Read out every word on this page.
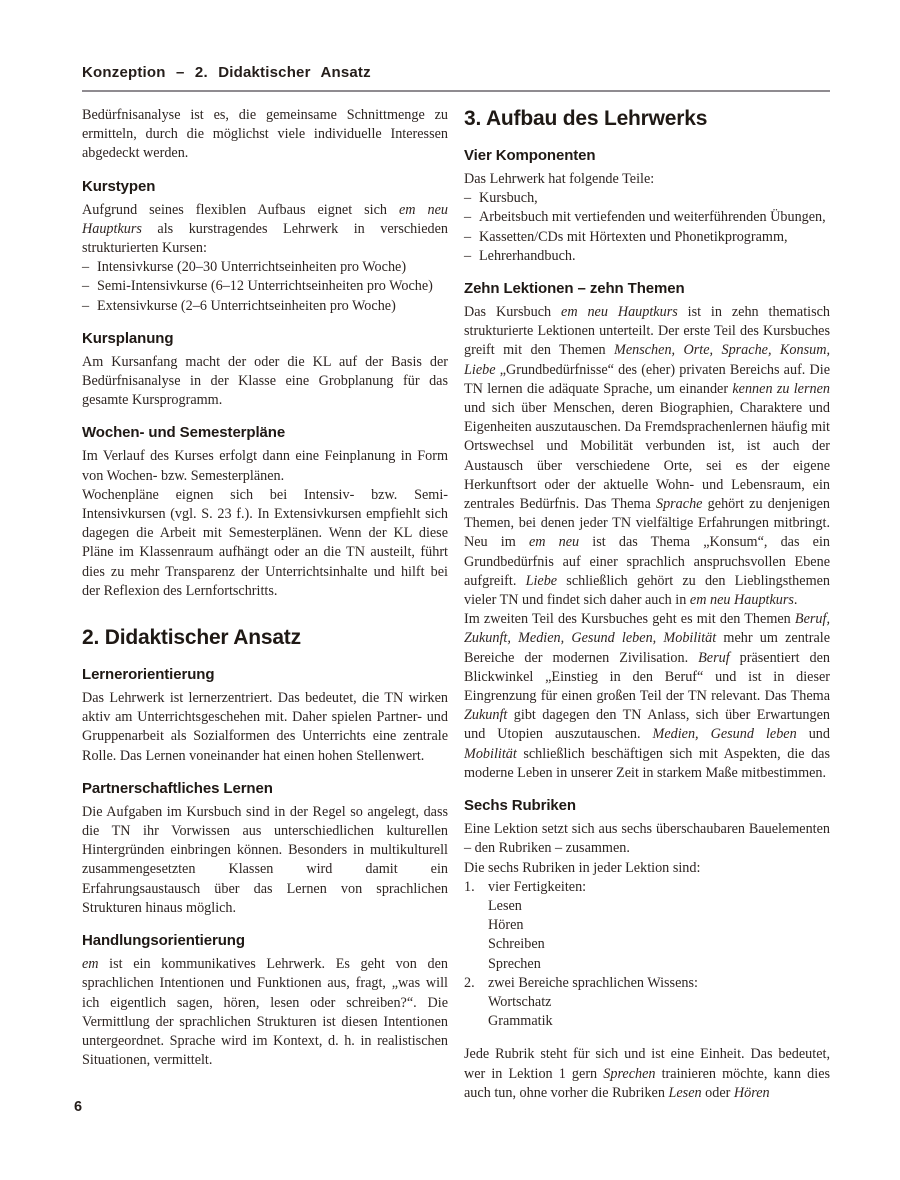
Konzeption – 2. Didaktischer Ansatz

Bedürfnisanalyse ist es, die gemeinsame Schnittmenge zu ermitteln, durch die möglichst viele individuelle Interessen abgedeckt werden.

Kurstypen

Aufgrund seines flexiblen Aufbaus eignet sich em neu Hauptkurs als kurstragendes Lehrwerk in verschieden strukturierten Kursen:

– Intensivkurse (20–30 Unterrichtseinheiten pro Woche)
– Semi-Intensivkurse (6–12 Unterrichtseinheiten pro Woche)
– Extensivkurse (2–6 Unterrichtseinheiten pro Woche)
Kursplanung

Am Kursanfang macht der oder die KL auf der Basis der Bedürfnisanalyse in der Klasse eine Grobplanung für das gesamte Kursprogramm.

Wochen- und Semesterpläne

Im Verlauf des Kurses erfolgt dann eine Feinplanung in Form von Wochen- bzw. Semesterplänen.

Wochenpläne eignen sich bei Intensiv- bzw. Semi-Intensivkursen (vgl. S. 23 f.). In Extensivkursen empfiehlt sich dagegen die Arbeit mit Semesterplänen. Wenn der KL diese Pläne im Klassenraum aufhängt oder an die TN austeilt, führt dies zu mehr Transparenz der Unterrichtsinhalte und hilft bei der Reflexion des Lernfortschritts.

2. Didaktischer Ansatz
Lernerorientierung

Das Lehrwerk ist lernerzentriert. Das bedeutet, die TN wirken aktiv am Unterrichtsgeschehen mit. Daher spielen Partner- und Gruppenarbeit als Sozialformen des Unterrichts eine zentrale Rolle. Das Lernen voneinander hat einen hohen Stellenwert.

Partnerschaftliches Lernen

Die Aufgaben im Kursbuch sind in der Regel so angelegt, dass die TN ihr Vorwissen aus unterschiedlichen kulturellen Hintergründen einbringen können. Besonders in multikulturell zusammengesetzten Klassen wird damit ein Erfahrungsaustausch über das Lernen von sprachlichen Strukturen hinaus möglich.

Handlungsorientierung

em ist ein kommunikatives Lehrwerk. Es geht von den sprachlichen Intentionen und Funktionen aus, fragt, „was will ich eigentlich sagen, hören, lesen oder schreiben?“. Die Vermittlung der sprachlichen Strukturen ist diesen Intentionen untergeordnet. Sprache wird im Kontext, d. h. in realistischen Situationen, vermittelt.

3. Aufbau des Lehrwerks
Vier Komponenten

Das Lehrwerk hat folgende Teile:

– Kursbuch,
– Arbeitsbuch mit vertiefenden und weiterführenden Übungen,
– Kassetten/CDs mit Hörtexten und Phonetikprogramm,
– Lehrerhandbuch.
Zehn Lektionen – zehn Themen

Das Kursbuch em neu Hauptkurs ist in zehn thematisch strukturierte Lektionen unterteilt. Der erste Teil des Kursbuches greift mit den Themen Menschen, Orte, Sprache, Konsum, Liebe „Grundbedürfnisse“ des (eher) privaten Bereichs auf. Die TN lernen die adäquate Sprache, um einander kennen zu lernen und sich über Menschen, deren Biographien, Charaktere und Eigenheiten auszutauschen. Da Fremdsprachenlernen häufig mit Ortswechsel und Mobilität verbunden ist, ist auch der Austausch über verschiedene Orte, sei es der eigene Herkunftsort oder der aktuelle Wohn- und Lebensraum, ein zentrales Bedürfnis. Das Thema Sprache gehört zu denjenigen Themen, bei denen jeder TN vielfältige Erfahrungen mitbringt. Neu im em neu ist das Thema „Konsum“, das ein Grundbedürfnis auf einer sprachlich anspruchsvollen Ebene aufgreift. Liebe schließlich gehört zu den Lieblingsthemen vieler TN und findet sich daher auch in em neu Hauptkurs.

Im zweiten Teil des Kursbuches geht es mit den Themen Beruf, Zukunft, Medien, Gesund leben, Mobilität mehr um zentrale Bereiche der modernen Zivilisation. Beruf präsentiert den Blickwinkel „Einstieg in den Beruf“ und ist in dieser Eingrenzung für einen großen Teil der TN relevant. Das Thema Zukunft gibt dagegen den TN Anlass, sich über Erwartungen und Utopien auszutauschen. Medien, Gesund leben und Mobilität schließlich beschäftigen sich mit Aspekten, die das moderne Leben in unserer Zeit in starkem Maße mitbestimmen.

Sechs Rubriken

Eine Lektion setzt sich aus sechs überschaubaren Bauelementen – den Rubriken – zusammen.

Die sechs Rubriken in jeder Lektion sind:

1. vier Fertigkeiten:
Lesen
Hören
Schreiben
Sprechen
2. zwei Bereiche sprachlichen Wissens:
Wortschatz
Grammatik

Jede Rubrik steht für sich und ist eine Einheit. Das bedeutet, wer in Lektion 1 gern Sprechen trainieren möchte, kann dies auch tun, ohne vorher die Rubriken Lesen oder Hören

6
